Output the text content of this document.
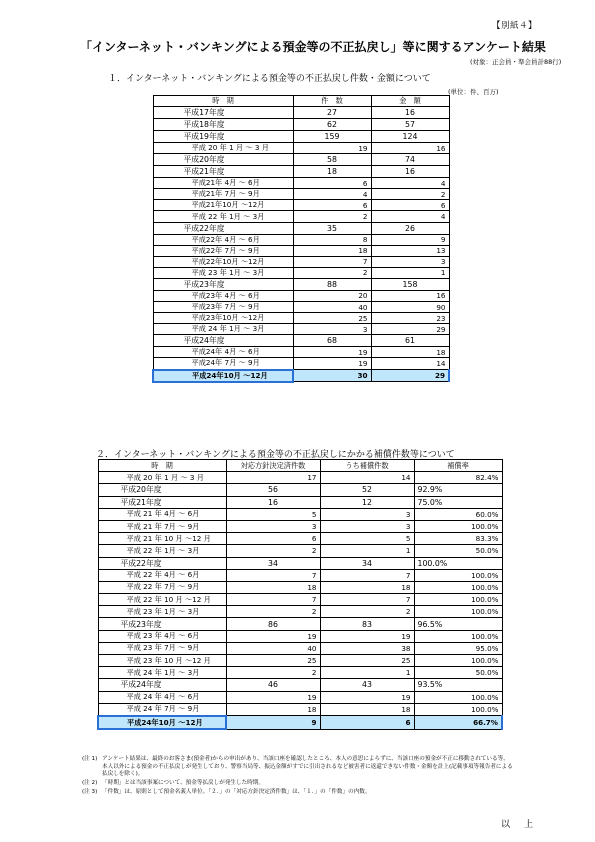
【別紙４】
「インターネット・バンキングによる預金等の不正払戻し」等に関するアンケート結果
(対象：正会員・準会員計88行)
１．インターネット・バンキングによる預金等の不正払戻し件数・金額について
(単位：件、百万)
時　期	件　数	金　額
平成17年度	27	16
平成18年度	62	57
平成19年度	159	124
平成 20 年 1 月 ～ 3 月	19	16
平成20年度	58	74
平成21年度	18	16
平成21年 4月 ～ 6月	6	4
平成21年 7月 ～ 9月	4	2
平成21年10月 ～12月	6	6
平成 22 年 1月 ～ 3月	2	4
平成22年度	35	26
平成22年 4月 ～ 6月	8	9
平成22年 7月 ～ 9月	18	13
平成22年10月 ～12月	7	3
平成 23 年 1月 ～ 3月	2	1
平成23年度	88	158
平成23年 4月 ～ 6月	20	16
平成23年 7月 ～ 9月	40	90
平成23年10月 ～12月	25	23
平成 24 年 1月 ～ 3月	3	29
平成24年度	68	61
平成24年 4月 ～ 6月	19	18
平成24年 7月 ～ 9月	19	14
平成24年10月 ～12月	30	29
２．インターネット・バンキングによる預金等の不正払戻しにかかる補償件数等について
時　期	対応方針決定済件数	うち補償件数	補償率
平成 20 年 1 月 ～ 3 月	17	14	82.4%
平成20年度	56	52	92.9%
平成21年度	16	12	75.0%
平成 21 年 4月 ～ 6月	5	3	60.0%
平成 21 年 7月 ～ 9月	3	3	100.0%
平成 21 年 10 月 ～12 月	6	5	83.3%
平成 22 年 1月 ～ 3月	2	1	50.0%
平成22年度	34	34	100.0%
平成 22 年 4月 ～ 6月	7	7	100.0%
平成 22 年 7月 ～ 9月	18	18	100.0%
平成 22 年 10 月 ～12 月	7	7	100.0%
平成 23 年 1月 ～ 3月	2	2	100.0%
平成23年度	86	83	96.5%
平成 23 年 4月 ～ 6月	19	19	100.0%
平成 23 年 7月 ～ 9月	40	38	95.0%
平成 23 年 10 月 ～12 月	25	25	100.0%
平成 24 年 1月 ～ 3月	2	1	50.0%
平成24年度	46	43	93.5%
平成 24 年 4月 ～ 6月	19	19	100.0%
平成 24 年 7月 ～ 9月	18	18	100.0%
平成24年10月 ～12月	9	6	66.7%
(注 1) アンケート結果は、最終のお客さま(預金者)からの申出があり、当該口座を確認したところ、本人の意思によらずに、当該口座の預金が不正に移動されている等、本人以外による預金の不正払戻しが発生しており、警察当局等、振込金額がすでに引出されるなど被害者に返還できない件数・金額を計上(記載事項等報告者による払戻しを除く)。
(注 2) 「時期」とは当該事案について、預金等払戻しが発生した時期。
(注 3) 「件数」は、原則として預金名義人単位。「２．」の「対応方針決定済件数」は、「１．」の「件数」の内数。
以 上
